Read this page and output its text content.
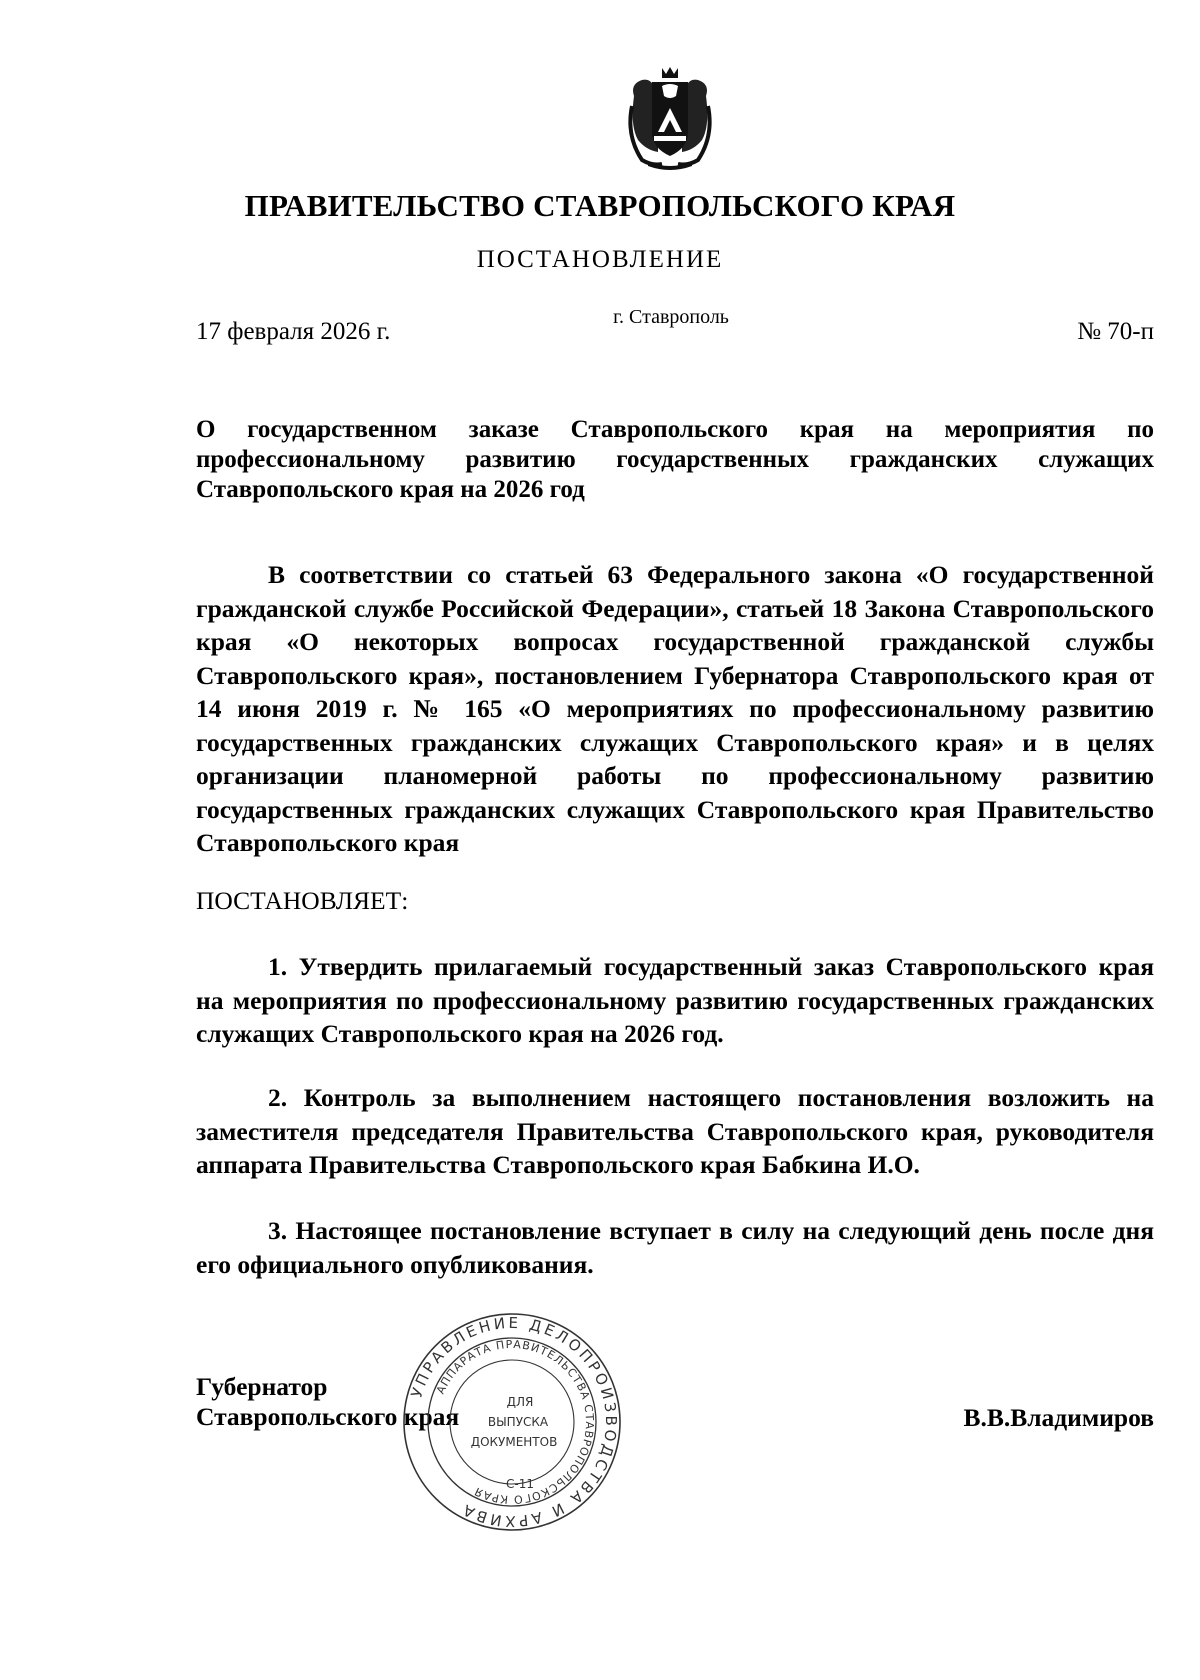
ПРАВИТЕЛЬСТВО СТАВРОПОЛЬСКОГО КРАЯ
ПОСТАНОВЛЕНИЕ
17 февраля 2026 г.
г. Ставрополь
№ 70-п
О государственном заказе Ставропольского края на мероприятия по профессиональному развитию государственных гражданских служащих Ставропольского края на 2026 год
В соответствии со статьей 63 Федерального закона «О государственной гражданской службе Российской Федерации», статьей 18 Закона Ставропольского края «О некоторых вопросах государственной гражданской службы Ставропольского края», постановлением Губернатора Ставропольского края от 14 июня 2019 г. № 165 «О мероприятиях по профессиональному развитию государственных гражданских служащих Ставропольского края» и в целях организации планомерной работы по профессиональному развитию государственных гражданских служащих Ставропольского края Правительство Ставропольского края
ПОСТАНОВЛЯЕТ:
1. Утвердить прилагаемый государственный заказ Ставропольского края на мероприятия по профессиональному развитию государственных гражданских служащих Ставропольского края на 2026 год.
2. Контроль за выполнением настоящего постановления возложить на заместителя председателя Правительства Ставропольского края, руководителя аппарата Правительства Ставропольского края Бабкина И.О.
3. Настоящее постановление вступает в силу на следующий день после дня его официального опубликования.
Губернатор
Ставропольского края	В.В.Владимиров
УПРАВЛЕНИЕ ДЕЛОПРОИЗВОДСТВА И АРХИВА
АППАРАТА ПРАВИТЕЛЬСТВА СТАВРОПОЛЬСКОГО КРАЯ
ДЛЯ
ВЫПУСКА
ДОКУМЕНТОВ
С-11
